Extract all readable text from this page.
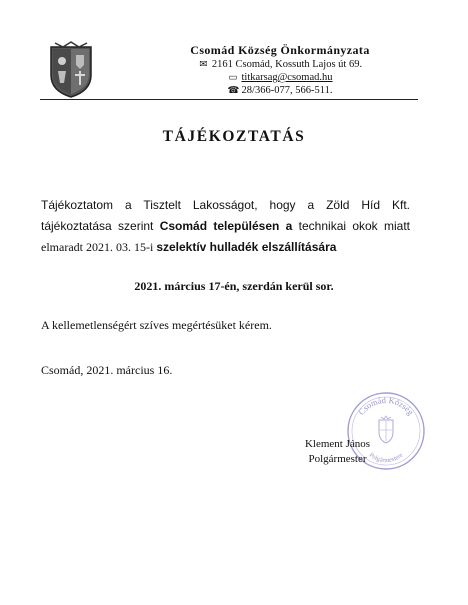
Csomád Község Önkormányzata
✉ 2161 Csomád, Kossuth Lajos út 69.
▭ titkarsag@csomad.hu
☎ 28/366-077, 566-511.
TÁJÉKOZTATÁS
Tájékoztatom a Tisztelt Lakosságot, hogy a Zöld Híd Kft.
tájékoztatása szerint Csomád településen a technikai okok miatt
elmaradt 2021. 03. 15-i szelektív hulladék elszállítására
2021. március 17-én, szerdán kerül sor.
A kellemetlenségért szíves megértésüket kérem.
Csomád, 2021. március 16.
Csomád Község
Polgármestere
Klement János
Polgármester
